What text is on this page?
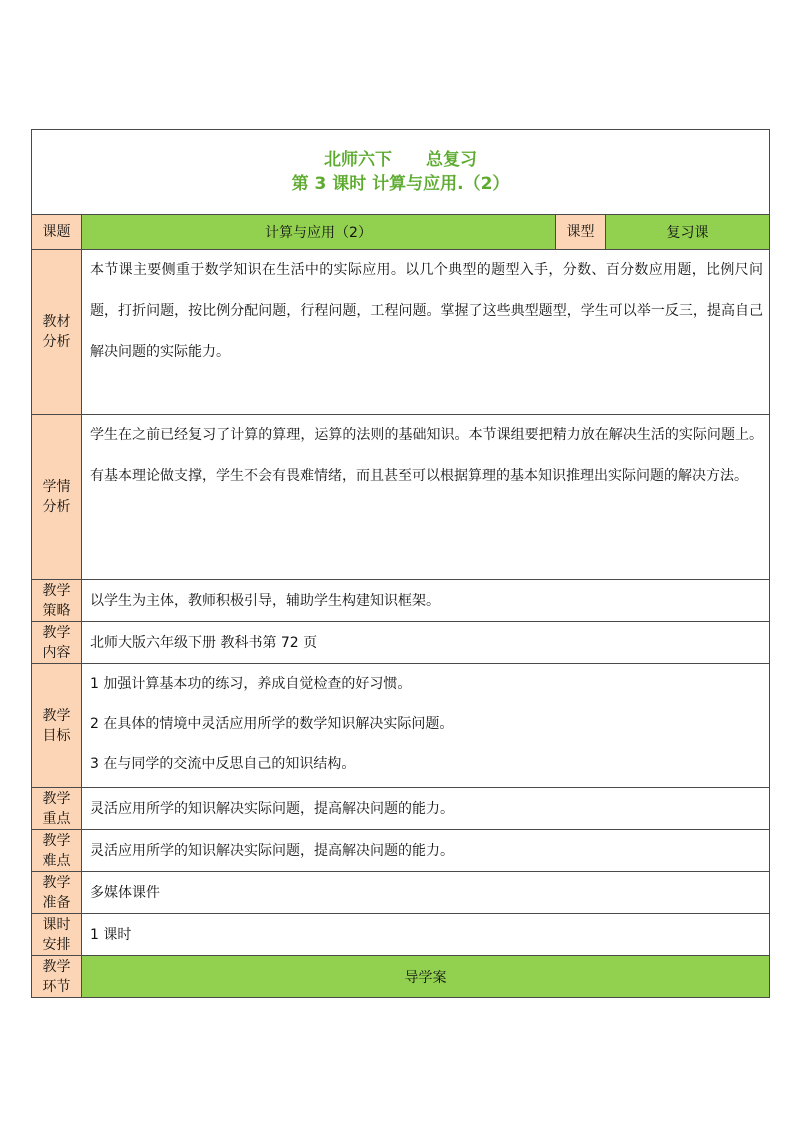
北师六下　　总复习
第 3 课时 计算与应用.（2）			

课题	计算与应用（2）	课型	复习课

教材分析	本节课主要侧重于数学知识在生活中的实际应用。以几个典型的题型入手，分数、百分数应用题，比例尺问题，打折问题，按比例分配问题，行程问题，工程问题。掌握了这些典型题型，学生可以举一反三，提高自己解决问题的实际能力。		

学情分析	学生在之前已经复习了计算的算理，运算的法则的基础知识。本节课组要把精力放在解决生活的实际问题上。有基本理论做支撑，学生不会有畏难情绪，而且甚至可以根据算理的基本知识推理出实际问题的解决方法。		

教学策略	以学生为主体，教师积极引导，辅助学生构建知识框架。		

教学内容	北师大版六年级下册 教科书第 72 页		

教学目标	1 加强计算基本功的练习，养成自觉检查的好习惯。
2 在具体的情境中灵活应用所学的数学知识解决实际问题。
3 在与同学的交流中反思自己的知识结构。		

教学重点	灵活应用所学的知识解决实际问题，提高解决问题的能力。		

教学难点	灵活应用所学的知识解决实际问题，提高解决问题的能力。		

教学准备	多媒体课件		

课时安排	1 课时		

教学环节	导学案		
